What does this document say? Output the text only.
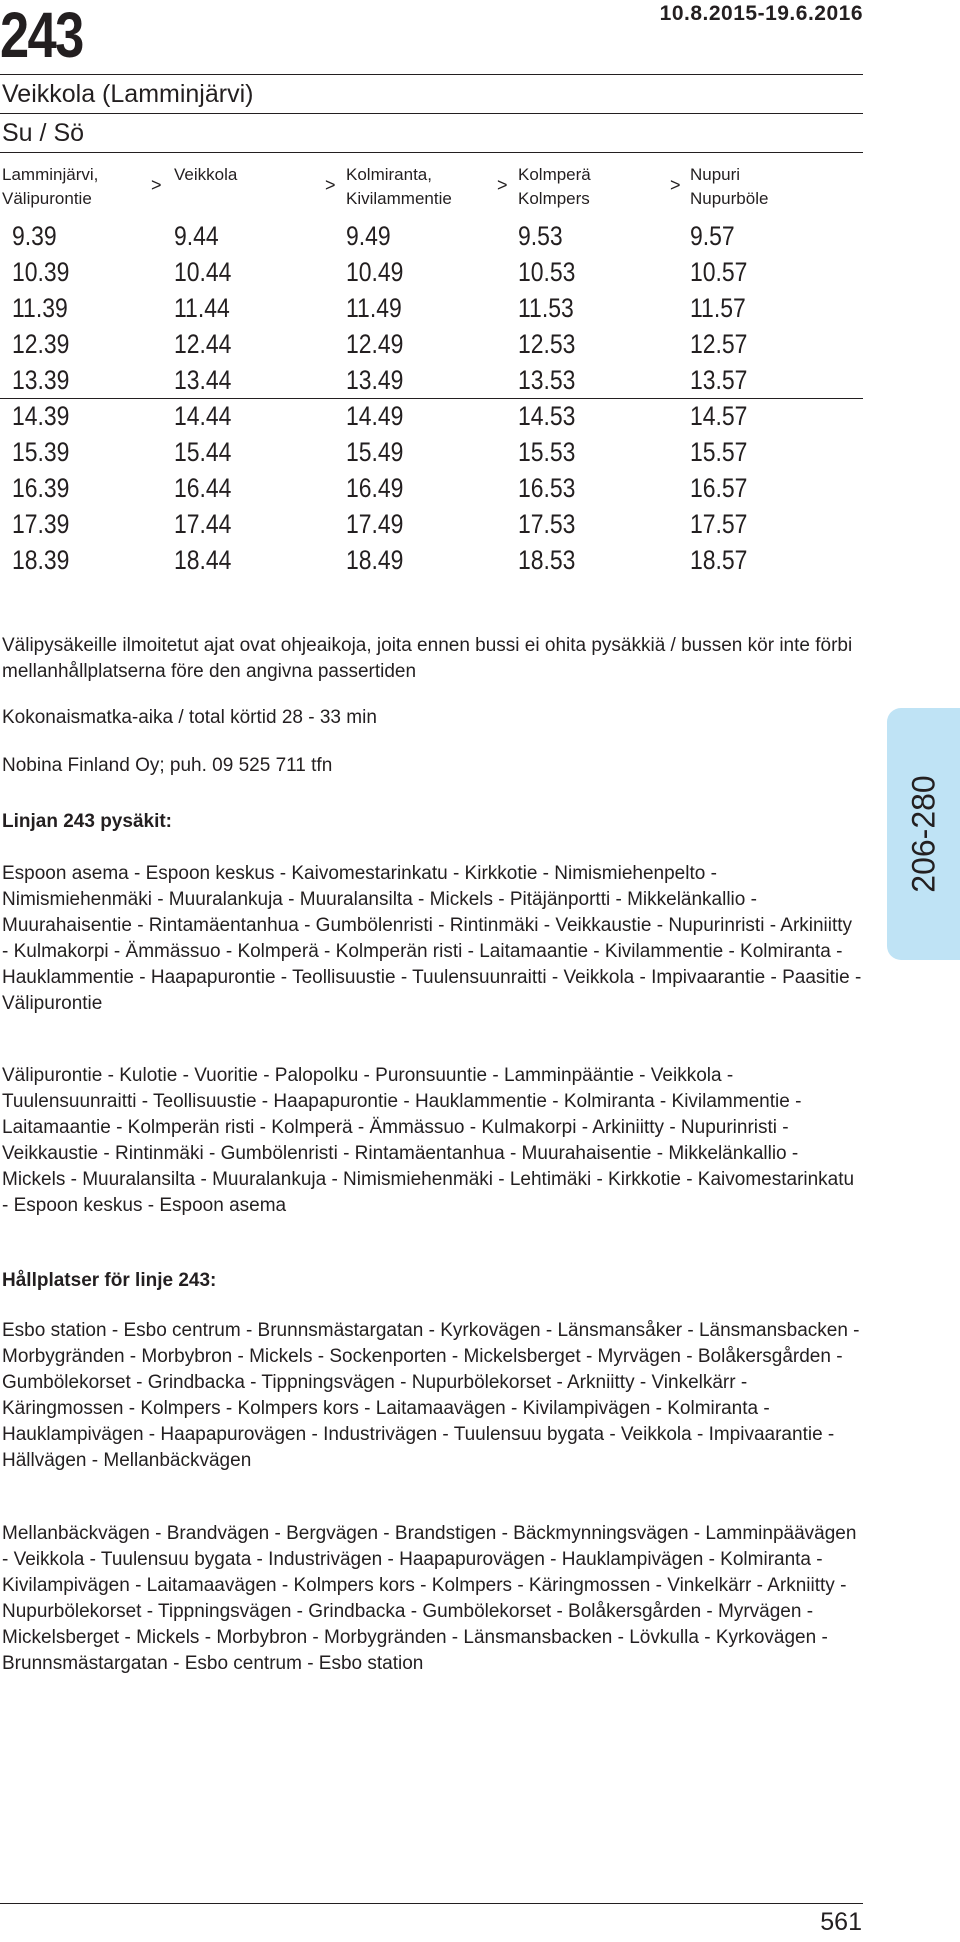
243	10.8.2015-19.6.2016
Veikkola (Lamminjärvi)
Su / Sö
Lamminjärvi,
Välipurontie
>
Veikkola
>
Kolmiranta,
Kivilammentie
>
Kolmperä
Kolmpers
>
Nupuri
Nupurböle
9.39
10.39
11.39
12.39
13.39
14.39
15.39
16.39
17.39
18.39
9.44
10.44
11.44
12.44
13.44
14.44
15.44
16.44
17.44
18.44
9.49
10.49
11.49
12.49
13.49
14.49
15.49
16.49
17.49
18.49
9.53
10.53
11.53
12.53
13.53
14.53
15.53
16.53
17.53
18.53
9.57
10.57
11.57
12.57
13.57
14.57
15.57
16.57
17.57
18.57
Välipysäkeille ilmoitetut ajat ovat ohjeaikoja, joita ennen bussi ei ohita pysäkkiä / bussen kör inte förbi mellanhållplatserna före den angivna passertiden
Kokonaismatka-aika / total körtid 28 - 33 min
Nobina Finland Oy; puh. 09 525 711 tfn
Linjan 243 pysäkit:
Espoon asema - Espoon keskus - Kaivomestarinkatu - Kirkkotie - Nimismiehenpelto - Nimismiehenmäki - Muuralankuja - Muuralansilta - Mickels - Pitäjänportti - Mikkelänkallio - Muurahaisentie - Rintamäentanhua - Gumbölenristi - Rintinmäki - Veikkaustie - Nupurinristi - Arkiniitty - Kulmakorpi - Ämmässuo - Kolmperä - Kolmperän risti - Laitamaantie - Kivilammentie - Kolmiranta - Hauklammentie - Haapapurontie - Teollisuustie - Tuulensuunraitti - Veikkola - Impivaarantie - Paasitie - Välipurontie
Välipurontie - Kulotie - Vuoritie - Palopolku - Puronsuuntie - Lamminpääntie - Veikkola - Tuulensuunraitti - Teollisuustie - Haapapurontie - Hauklammentie - Kolmiranta - Kivilammentie - Laitamaantie - Kolmperän risti - Kolmperä - Ämmässuo - Kulmakorpi - Arkiniitty - Nupurinristi - Veikkaustie - Rintinmäki - Gumbölenristi - Rintamäentanhua - Muurahaisentie - Mikkelänkallio - Mickels - Muuralansilta - Muuralankuja - Nimismiehenmäki - Lehtimäki - Kirkkotie - Kaivomestarinkatu - Espoon keskus - Espoon asema
Hållplatser för linje 243:
Esbo station - Esbo centrum - Brunnsmästargatan - Kyrkovägen - Länsmansåker - Länsmansbacken - Morbygränden - Morbybron - Mickels - Sockenporten - Mickelsberget - Myrvägen - Bolåkersgården - Gumbölekorset - Grindbacka - Tippningsvägen - Nupurbölekorset - Arkniitty - Vinkelkärr - Käringmossen - Kolmpers - Kolmpers kors - Laitamaavägen - Kivilampivägen - Kolmiranta - Hauklampivägen - Haapapurovägen - Industrivägen - Tuulensuu bygata - Veikkola - Impivaarantie - Hällvägen - Mellanbäckvägen
Mellanbäckvägen - Brandvägen - Bergvägen - Brandstigen - Bäckmynningsvägen - Lamminpäävägen - Veikkola - Tuulensuu bygata - Industrivägen - Haapapurovägen - Hauklampivägen - Kolmiranta - Kivilampivägen - Laitamaavägen - Kolmpers kors - Kolmpers - Käringmossen - Vinkelkärr - Arkniitty - Nupurbölekorset - Tippningsvägen - Grindbacka - Gumbölekorset - Bolåkersgården - Myrvägen - Mickelsberget - Mickels - Morbybron - Morbygränden - Länsmansbacken - Lövkulla - Kyrkovägen - Brunnsmästargatan - Esbo centrum - Esbo station
206-280
561
